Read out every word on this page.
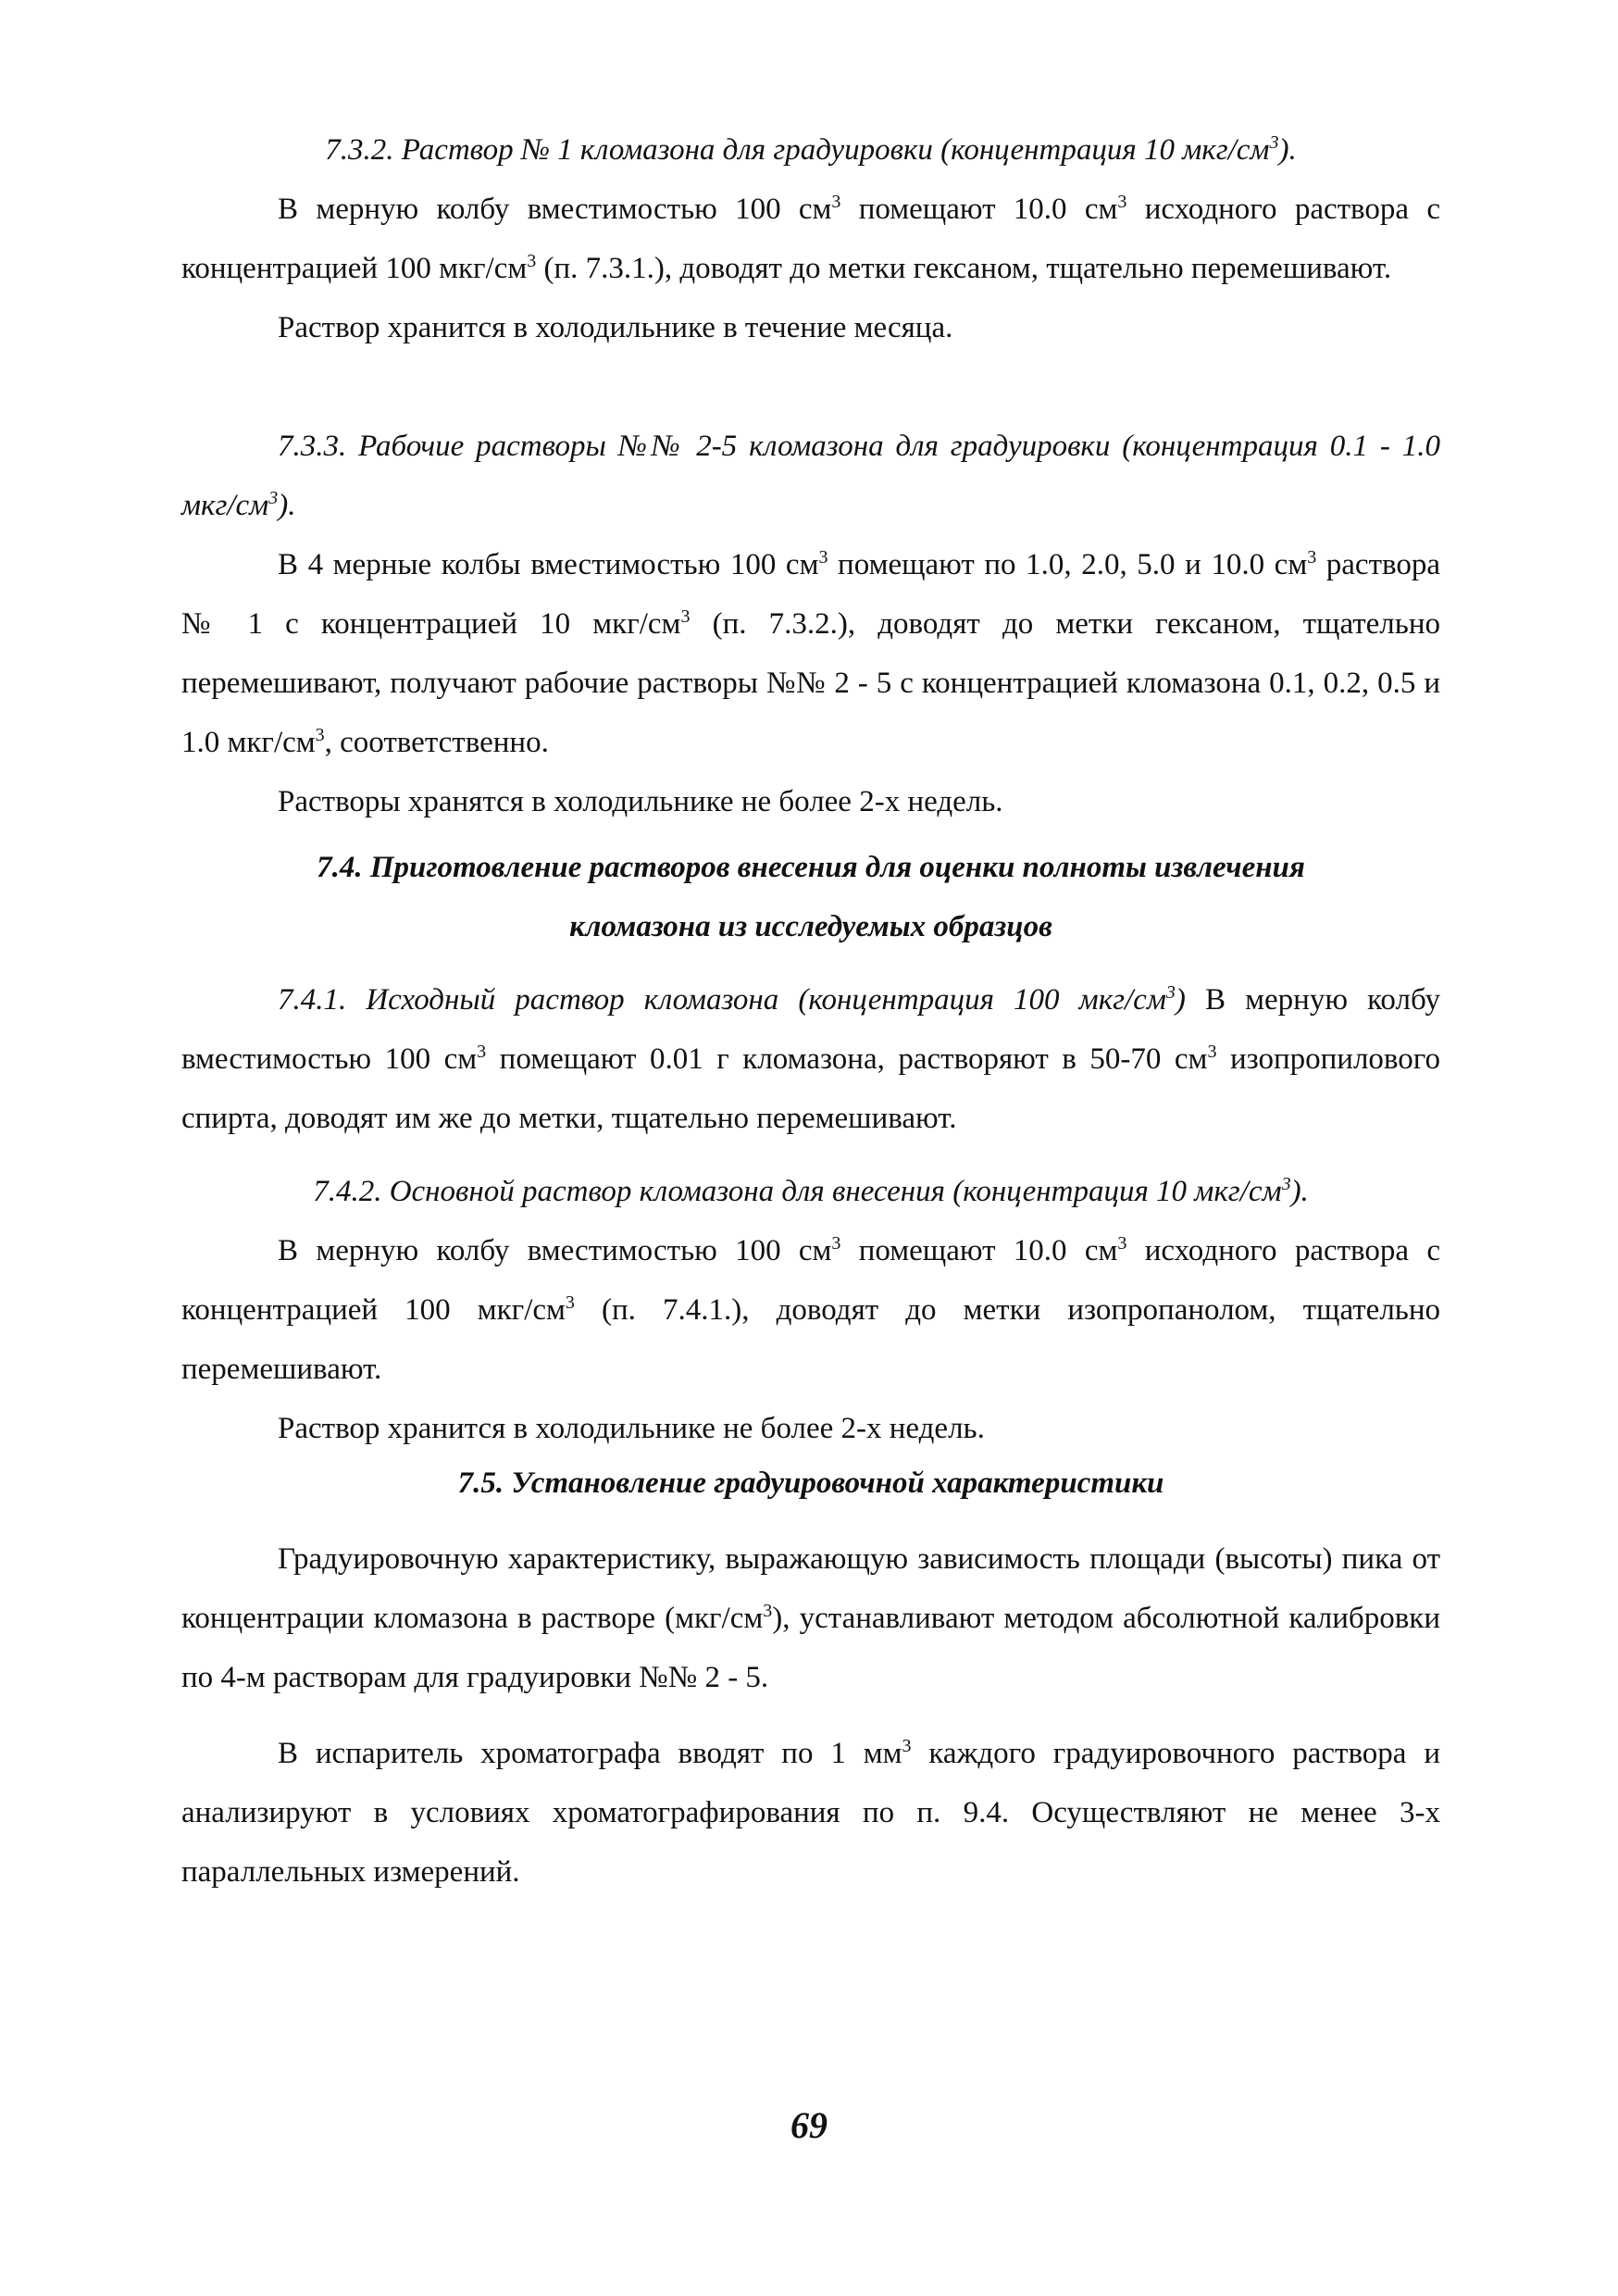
7.3.2. Раствор № 1 кломазона для градуировки (концентрация 10 мкг/$см^3$).

В мерную колбу вместимостью 100 $см^3$ помещают 10.0 $см^3$ исходного раствора с концентрацией 100 мкг/$см^3$ (п. 7.3.1.), доводят до метки гексаном, тщательно перемешивают.

Раствор хранится в холодильнике в течение месяца.

7.3.3. Рабочие растворы №№ 2-5 кломазона для градуировки (концентрация 0.1 - 1.0 мкг/$см^3$).

В 4 мерные колбы вместимостью 100 $см^3$ помещают по 1.0, 2.0, 5.0 и 10.0 $см^3$ раствора № 1 с концентрацией 10 мкг/$см^3$ (п. 7.3.2.), доводят до метки гексаном, тщательно перемешивают, получают рабочие растворы №№ 2 - 5 с концентрацией кломазона 0.1, 0.2, 0.5 и 1.0 мкг/$см^3$, соответственно.

Растворы хранятся в холодильнике не более 2-х недель.

7.4. Приготовление растворов внесения для оценки полноты извлечения

кломазона из исследуемых образцов

7.4.1. Исходный раствор кломазона (концентрация 100 мкг/$см^3$) В мерную колбу вместимостью 100 $см^3$ помещают 0.01 г кломазона, растворяют в 50-70 $см^3$ изопропилового спирта, доводят им же до метки, тщательно перемешивают.

7.4.2. Основной раствор кломазона для внесения (концентрация 10 мкг/$см^3$).

В мерную колбу вместимостью 100 $см^3$ помещают 10.0 $см^3$ исходного раствора с концентрацией 100 мкг/$см^3$ (п. 7.4.1.), доводят до метки изопропанолом, тщательно перемешивают.

Раствор хранится в холодильнике не более 2-х недель.

7.5. Установление градуировочной характеристики

Градуировочную характеристику, выражающую зависимость площади (высоты) пика от концентрации кломазона в растворе $(мкг/см^3)$, устанавливают методом абсолютной калибровки по 4-м растворам для градуировки №№ 2 - 5.

В испаритель хроматографа вводят по 1 $мм^3$ каждого градуировочного раствора и анализируют в условиях хроматографирования по п. 9.4. Осуществляют не менее 3-х параллельных измерений.

69
